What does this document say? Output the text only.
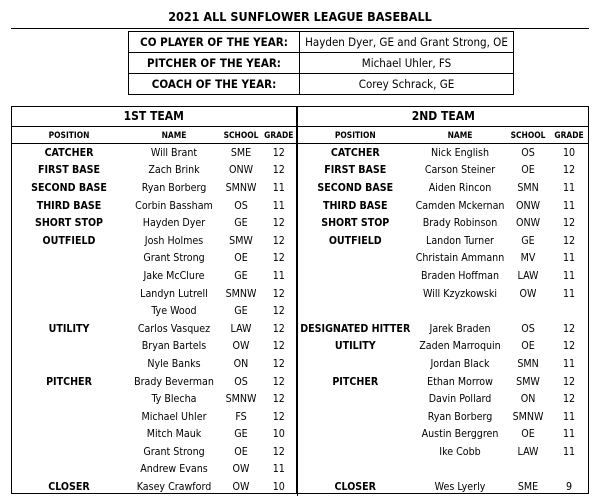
2021 ALL SUNFLOWER LEAGUE BASEBALL
CO PLAYER OF THE YEAR:	Hayden Dyer, GE and Grant Strong, OE
PITCHER OF THE YEAR:	Michael Uhler, FS
COACH OF THE YEAR:	Corey Schrack, GE
1ST TEAM				2ND TEAM			
POSITION	NAME	SCHOOL	GRADE	POSITION	NAME	SCHOOL	GRADE
CATCHER	Will Brant	SME	12	CATCHER	Nick English	OS	10
FIRST BASE	Zach Brink	ONW	12	FIRST BASE	Carson Steiner	OE	12
SECOND BASE	Ryan Borberg	SMNW	11	SECOND BASE	Aiden Rincon	SMN	11
THIRD BASE	Corbin Bassham	OS	11	THIRD BASE	Camden Mckernan	ONW	11
SHORT STOP	Hayden Dyer	GE	12	SHORT STOP	Brady Robinson	ONW	12
OUTFIELD	Josh Holmes	SMW	12	OUTFIELD	Landon Turner	GE	12
	Grant Strong	OE	12		Christain Ammann	MV	11
	Jake McClure	GE	11		Braden Hoffman	LAW	11
	Landyn Lutrell	SMNW	12		Will Kzyzkowski	OW	11
	Tye Wood	GE	12				
UTILITY	Carlos Vasquez	LAW	12	DESIGNATED HITTER	Jarek Braden	OS	12
	Bryan Bartels	OW	12	UTILITY	Zaden Marroquin	OE	12
	Nyle Banks	ON	12		Jordan Black	SMN	11
PITCHER	Brady Beverman	OS	12	PITCHER	Ethan Morrow	SMW	12
	Ty Blecha	SMNW	12		Davin Pollard	ON	12
	Michael Uhler	FS	12		Ryan Borberg	SMNW	11
	Mitch Mauk	GE	10		Austin Berggren	OE	11
	Grant Strong	OE	12		Ike Cobb	LAW	11
	Andrew Evans	OW	11				
CLOSER	Kasey Crawford	OW	10	CLOSER	Wes Lyerly	SME	9
